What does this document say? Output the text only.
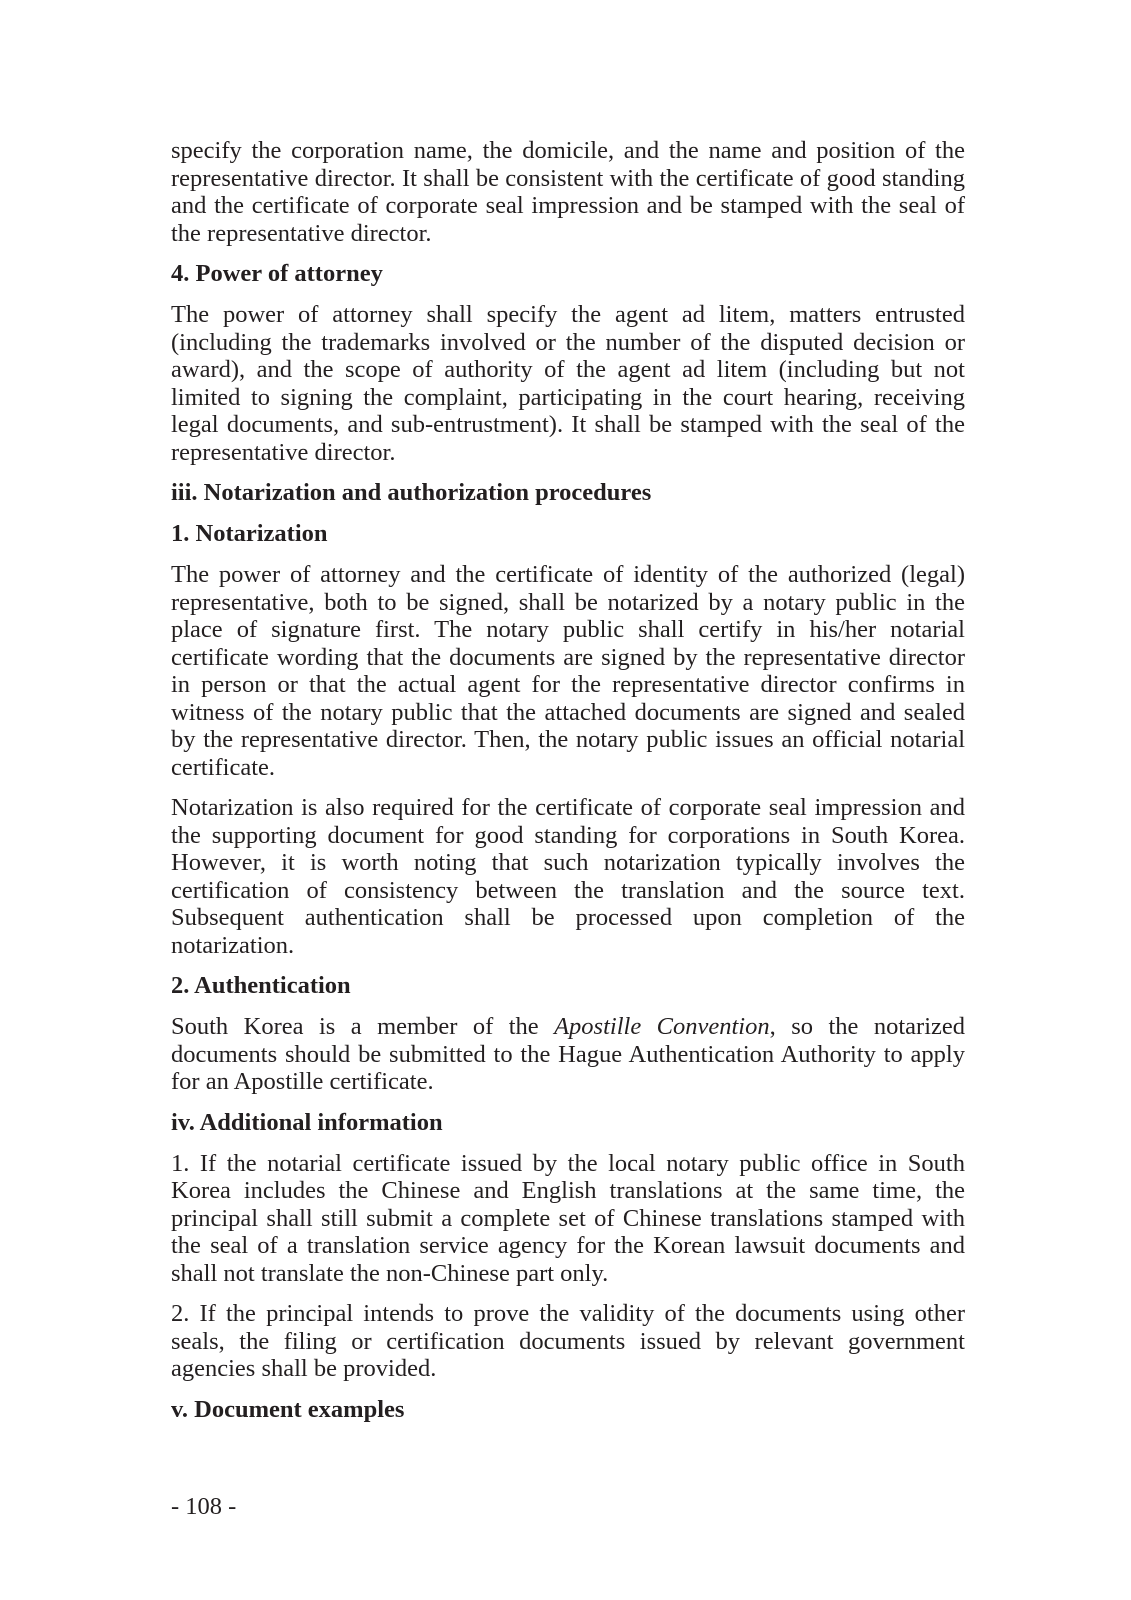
specify the corporation name, the domicile, and the name and position of the representative director. It shall be consistent with the certificate of good standing and the certificate of corporate seal impression and be stamped with the seal of the representative director.

4. Power of attorney

The power of attorney shall specify the agent ad litem, matters entrusted (including the trademarks involved or the number of the disputed decision or award), and the scope of authority of the agent ad litem (including but not limited to signing the complaint, participating in the court hearing, receiving legal documents, and sub-entrustment). It shall be stamped with the seal of the representative director.

iii. Notarization and authorization procedures
1. Notarization

The power of attorney and the certificate of identity of the authorized (legal) representative, both to be signed, shall be notarized by a notary public in the place of signature first. The notary public shall certify in his/her notarial certificate wording that the documents are signed by the representative director in person or that the actual agent for the representative director confirms in witness of the notary public that the attached documents are signed and sealed by the representative director. Then, the notary public issues an official notarial certificate.

Notarization is also required for the certificate of corporate seal impression and the supporting document for good standing for corporations in South Korea. However, it is worth noting that such notarization typically involves the certification of consistency between the translation and the source text. Subsequent authentication shall be processed upon completion of the notarization.

2. Authentication

South Korea is a member of the Apostille Convention, so the notarized documents should be submitted to the Hague Authentication Authority to apply for an Apostille certificate.

iv. Additional information

1. If the notarial certificate issued by the local notary public office in South Korea includes the Chinese and English translations at the same time, the principal shall still submit a complete set of Chinese translations stamped with the seal of a translation service agency for the Korean lawsuit documents and shall not translate the non-Chinese part only.

2. If the principal intends to prove the validity of the documents using other seals, the filing or certification documents issued by relevant government agencies shall be provided.

v. Document examples
- 108 -
